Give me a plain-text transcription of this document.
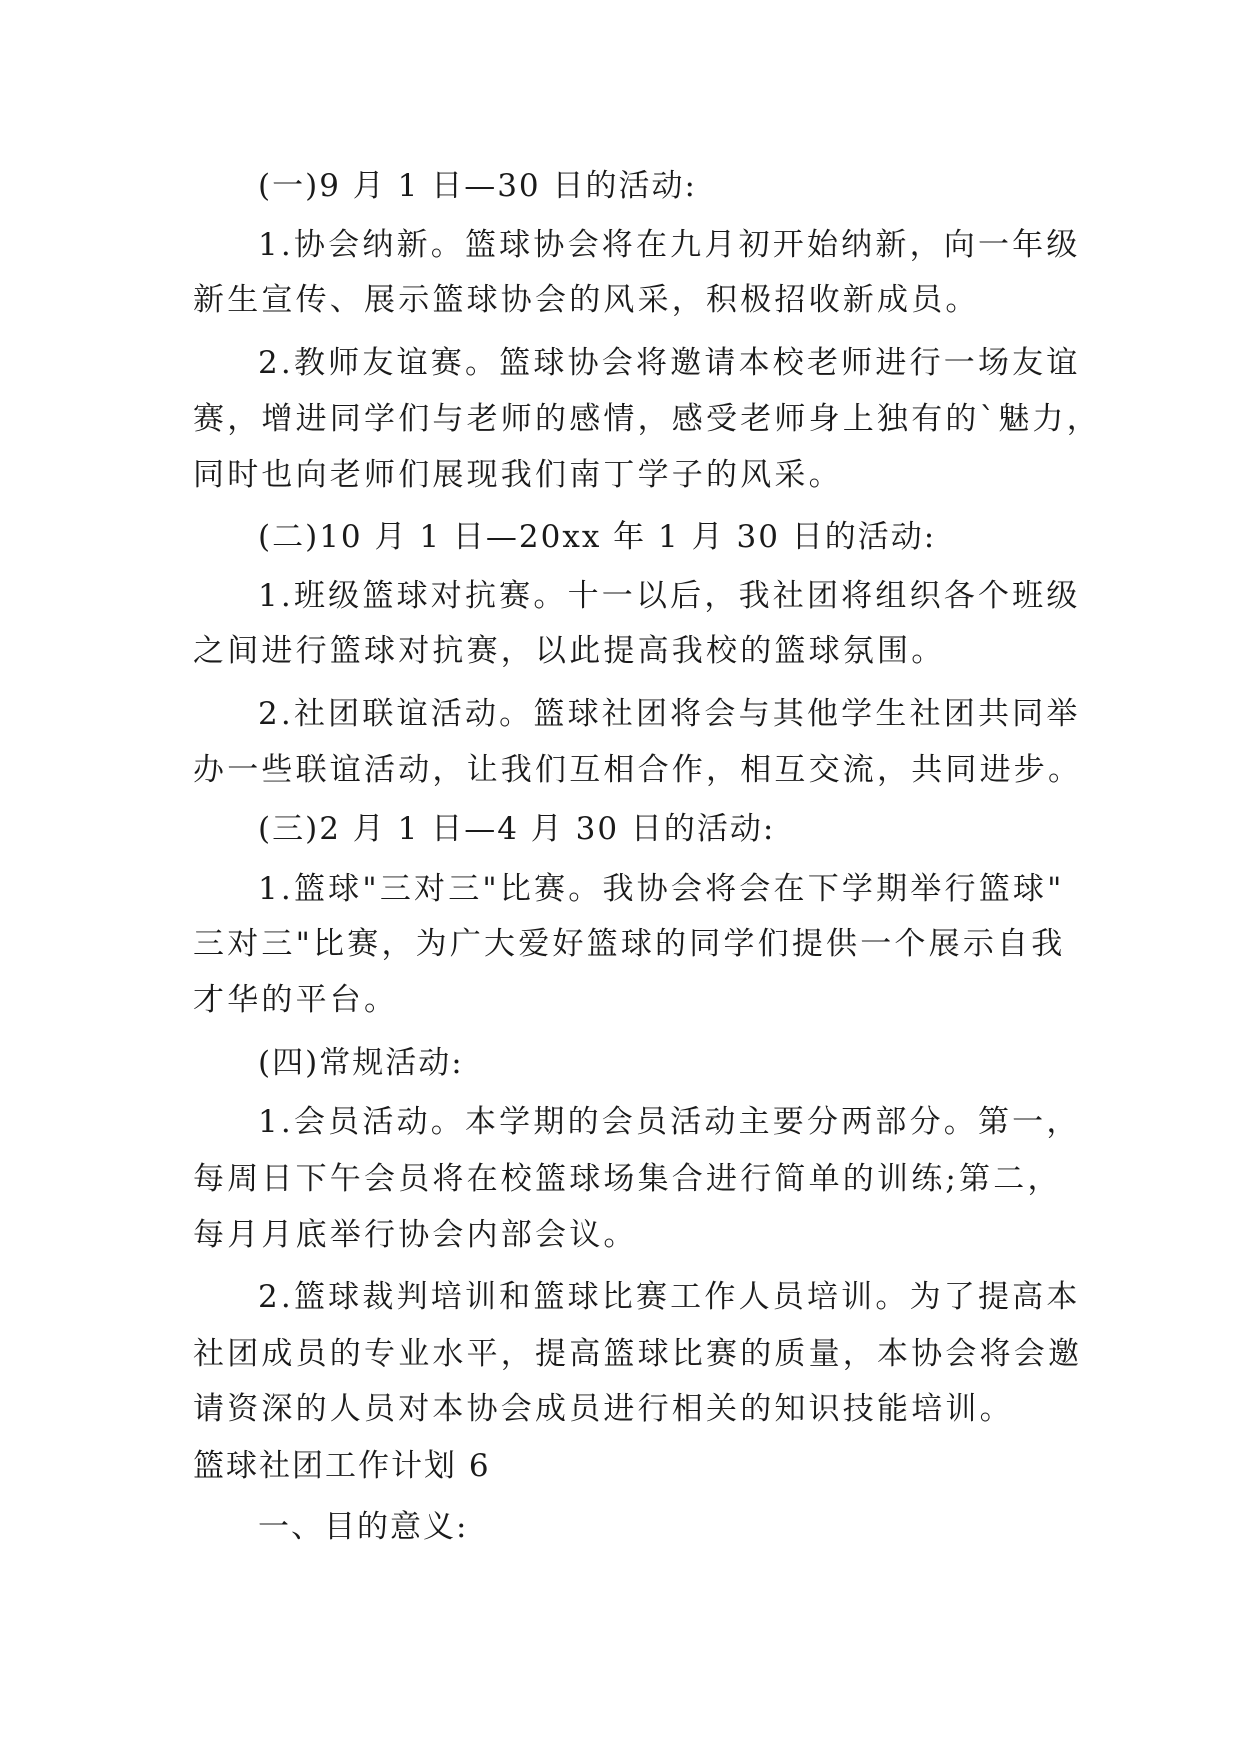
(一)9 月 1 日—30 日的活动:
1.协会纳新。篮球协会将在九月初开始纳新，向一年级
新生宣传、展示篮球协会的风采，积极招收新成员。
2.教师友谊赛。篮球协会将邀请本校老师进行一场友谊
赛，增进同学们与老师的感情，感受老师身上独有的`魅力，
同时也向老师们展现我们南丁学子的风采。
(二)10 月 1 日—20xx 年 1 月 30 日的活动:
1.班级篮球对抗赛。十一以后，我社团将组织各个班级
之间进行篮球对抗赛，以此提高我校的篮球氛围。
2.社团联谊活动。篮球社团将会与其他学生社团共同举
办一些联谊活动，让我们互相合作，相互交流，共同进步。
(三)2 月 1 日—4 月 30 日的活动:
1.篮球"三对三"比赛。我协会将会在下学期举行篮球"
三对三"比赛，为广大爱好篮球的同学们提供一个展示自我
才华的平台。
(四)常规活动:
1.会员活动。本学期的会员活动主要分两部分。第一，
每周日下午会员将在校篮球场集合进行简单的训练;第二，
每月月底举行协会内部会议。
2.篮球裁判培训和篮球比赛工作人员培训。为了提高本
社团成员的专业水平，提高篮球比赛的质量，本协会将会邀
请资深的人员对本协会成员进行相关的知识技能培训。
篮球社团工作计划 6
一、目的意义:
